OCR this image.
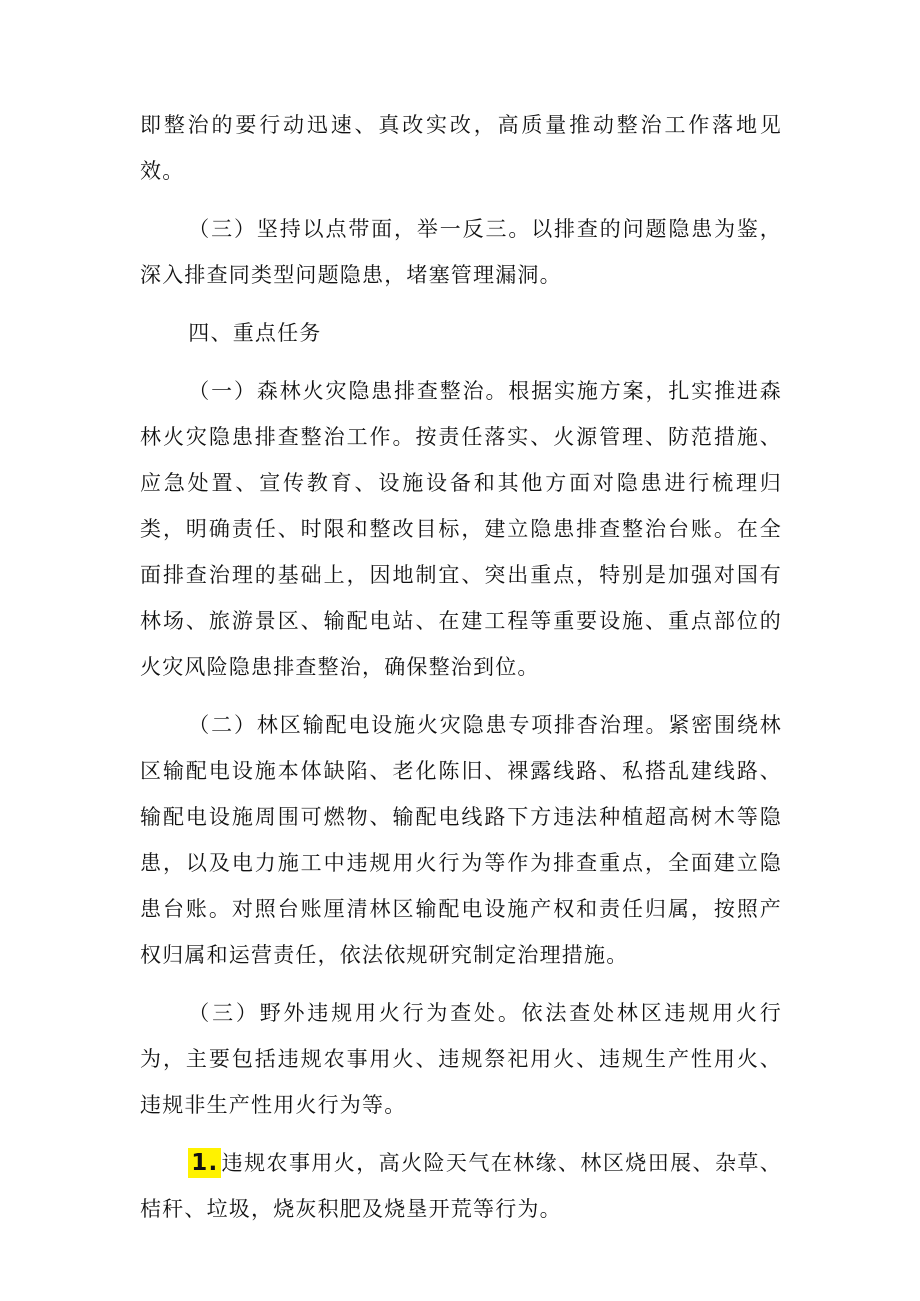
即整治的要行动迅速、真改实改，高质量推动整治工作落地见效。

（三）坚持以点带面，举一反三。以排查的问题隐患为鉴，深入排查同类型问题隐患，堵塞管理漏洞。

四、重点任务

（一）森林火灾隐患排查整治。根据实施方案，扎实推进森林火灾隐患排查整治工作。按责任落实、火源管理、防范措施、应急处置、宣传教育、设施设备和其他方面对隐患进行梳理归类，明确责任、时限和整改目标，建立隐患排查整治台账。在全面排查治理的基础上，因地制宜、突出重点，特别是加强对国有林场、旅游景区、输配电站、在建工程等重要设施、重点部位的火灾风险隐患排查整治，确保整治到位。

（二）林区输配电设施火灾隐患专项排杳治理。紧密围绕林区输配电设施本体缺陷、老化陈旧、裸露线路、私搭乱建线路、输配电设施周围可燃物、输配电线路下方违法种植超高树木等隐患，以及电力施工中违规用火行为等作为排查重点，全面建立隐患台账。对照台账厘清林区输配电设施产权和责任归属，按照产权归属和运营责任，依法依规研究制定治理措施。

（三）野外违规用火行为查处。依法查处林区违规用火行为，主要包括违规农事用火、违规祭祀用火、违规生产性用火、违规非生产性用火行为等。

1. 违规农事用火，高火险天气在林缘、林区烧田展、杂草、桔秆、垃圾，烧灰积肥及烧垦开荒等行为。
